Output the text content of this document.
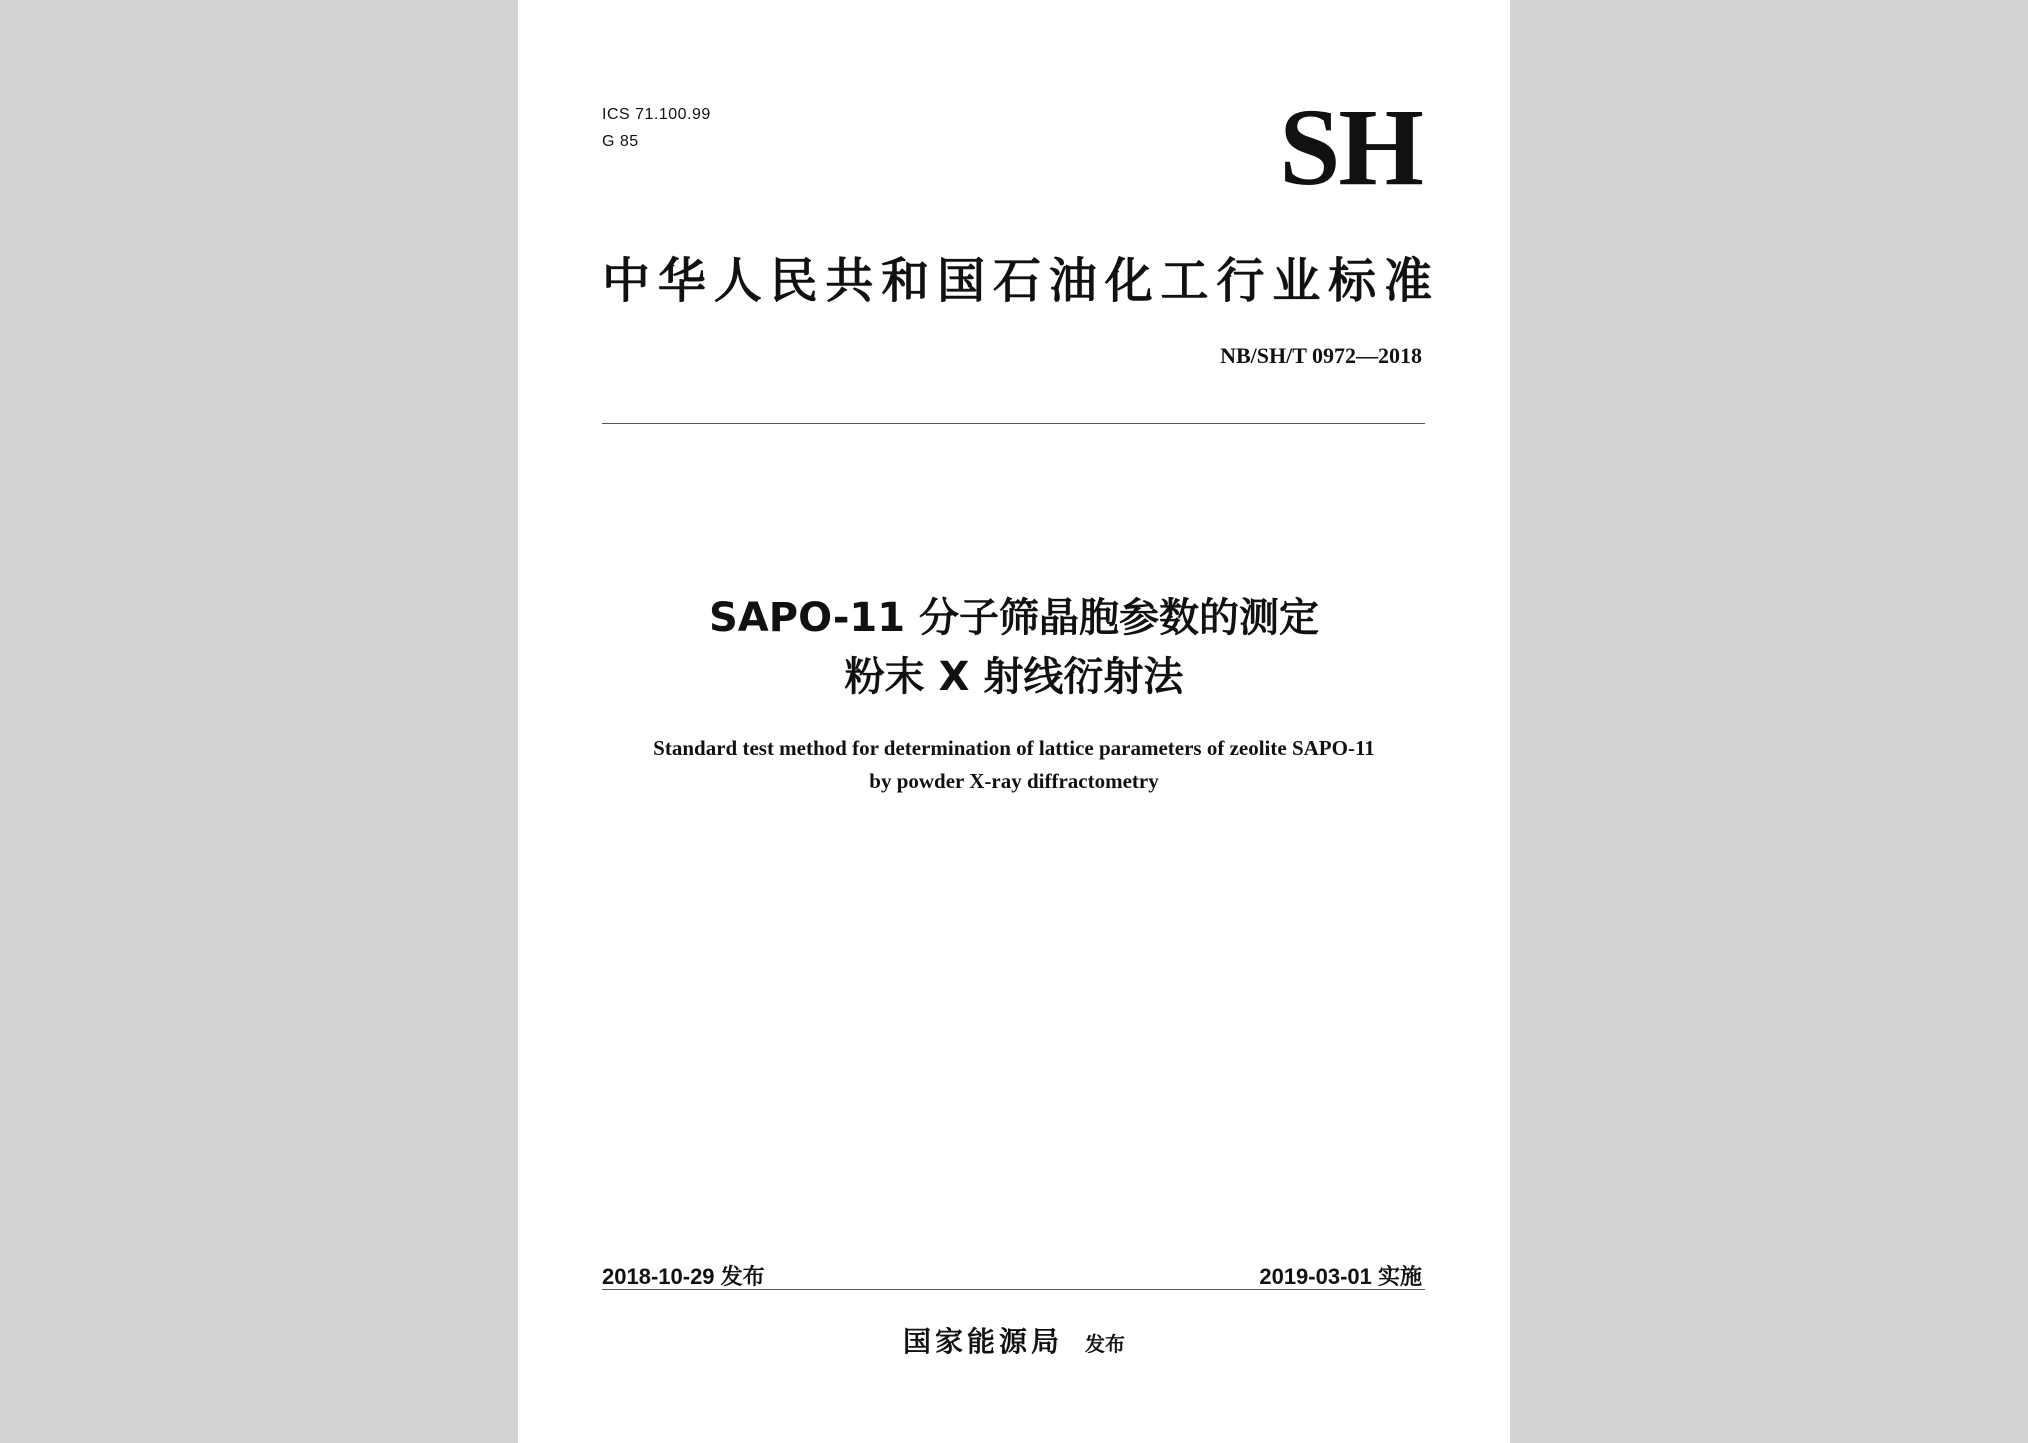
ICS 71.100.99
G 85	SH
中华人民共和国石油化工行业标准
NB/SH/T 0972—2018
SAPO-11 分子筛晶胞参数的测定
粉末 X 射线衍射法
Standard test method for determination of lattice parameters of zeolite SAPO-11
by powder X-ray diffractometry
2018-10-29 发布	2019-03-01 实施
国家能源局 发布
